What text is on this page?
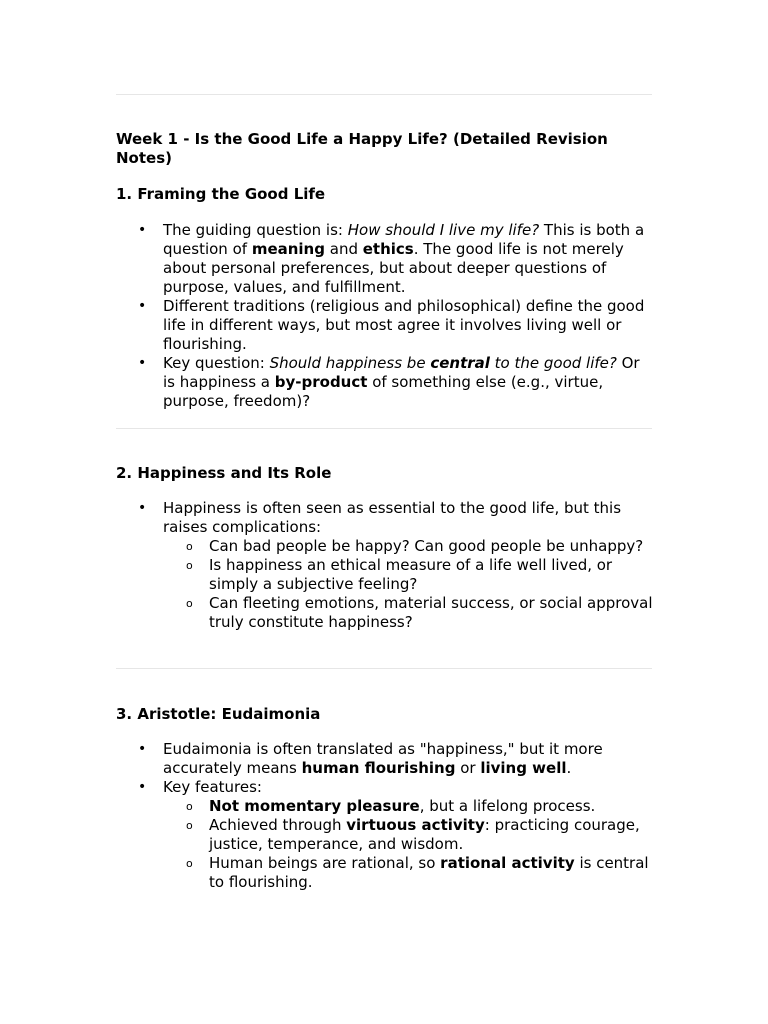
Week 1 - Is the Good Life a Happy Life? (Detailed Revision Notes)
1. Framing the Good Life
• The guiding question is: How should I live my life? This is both a question of meaning and ethics. The good life is not merely about personal preferences, but about deeper questions of purpose, values, and fulfillment.
• Different traditions (religious and philosophical) define the good life in different ways, but most agree it involves living well or flourishing.
• Key question: Should happiness be central to the good life? Or is happiness a by-product of something else (e.g., virtue, purpose, freedom)?
2. Happiness and Its Role
• Happiness is often seen as essential to the good life, but this raises complications:
o Can bad people be happy? Can good people be unhappy?
o Is happiness an ethical measure of a life well lived, or simply a subjective feeling?
o Can fleeting emotions, material success, or social approval truly constitute happiness?
3. Aristotle: Eudaimonia
• Eudaimonia is often translated as "happiness," but it more accurately means human flourishing or living well.
• Key features:
o Not momentary pleasure, but a lifelong process.
o Achieved through virtuous activity: practicing courage, justice, temperance, and wisdom.
o Human beings are rational, so rational activity is central to flourishing.
